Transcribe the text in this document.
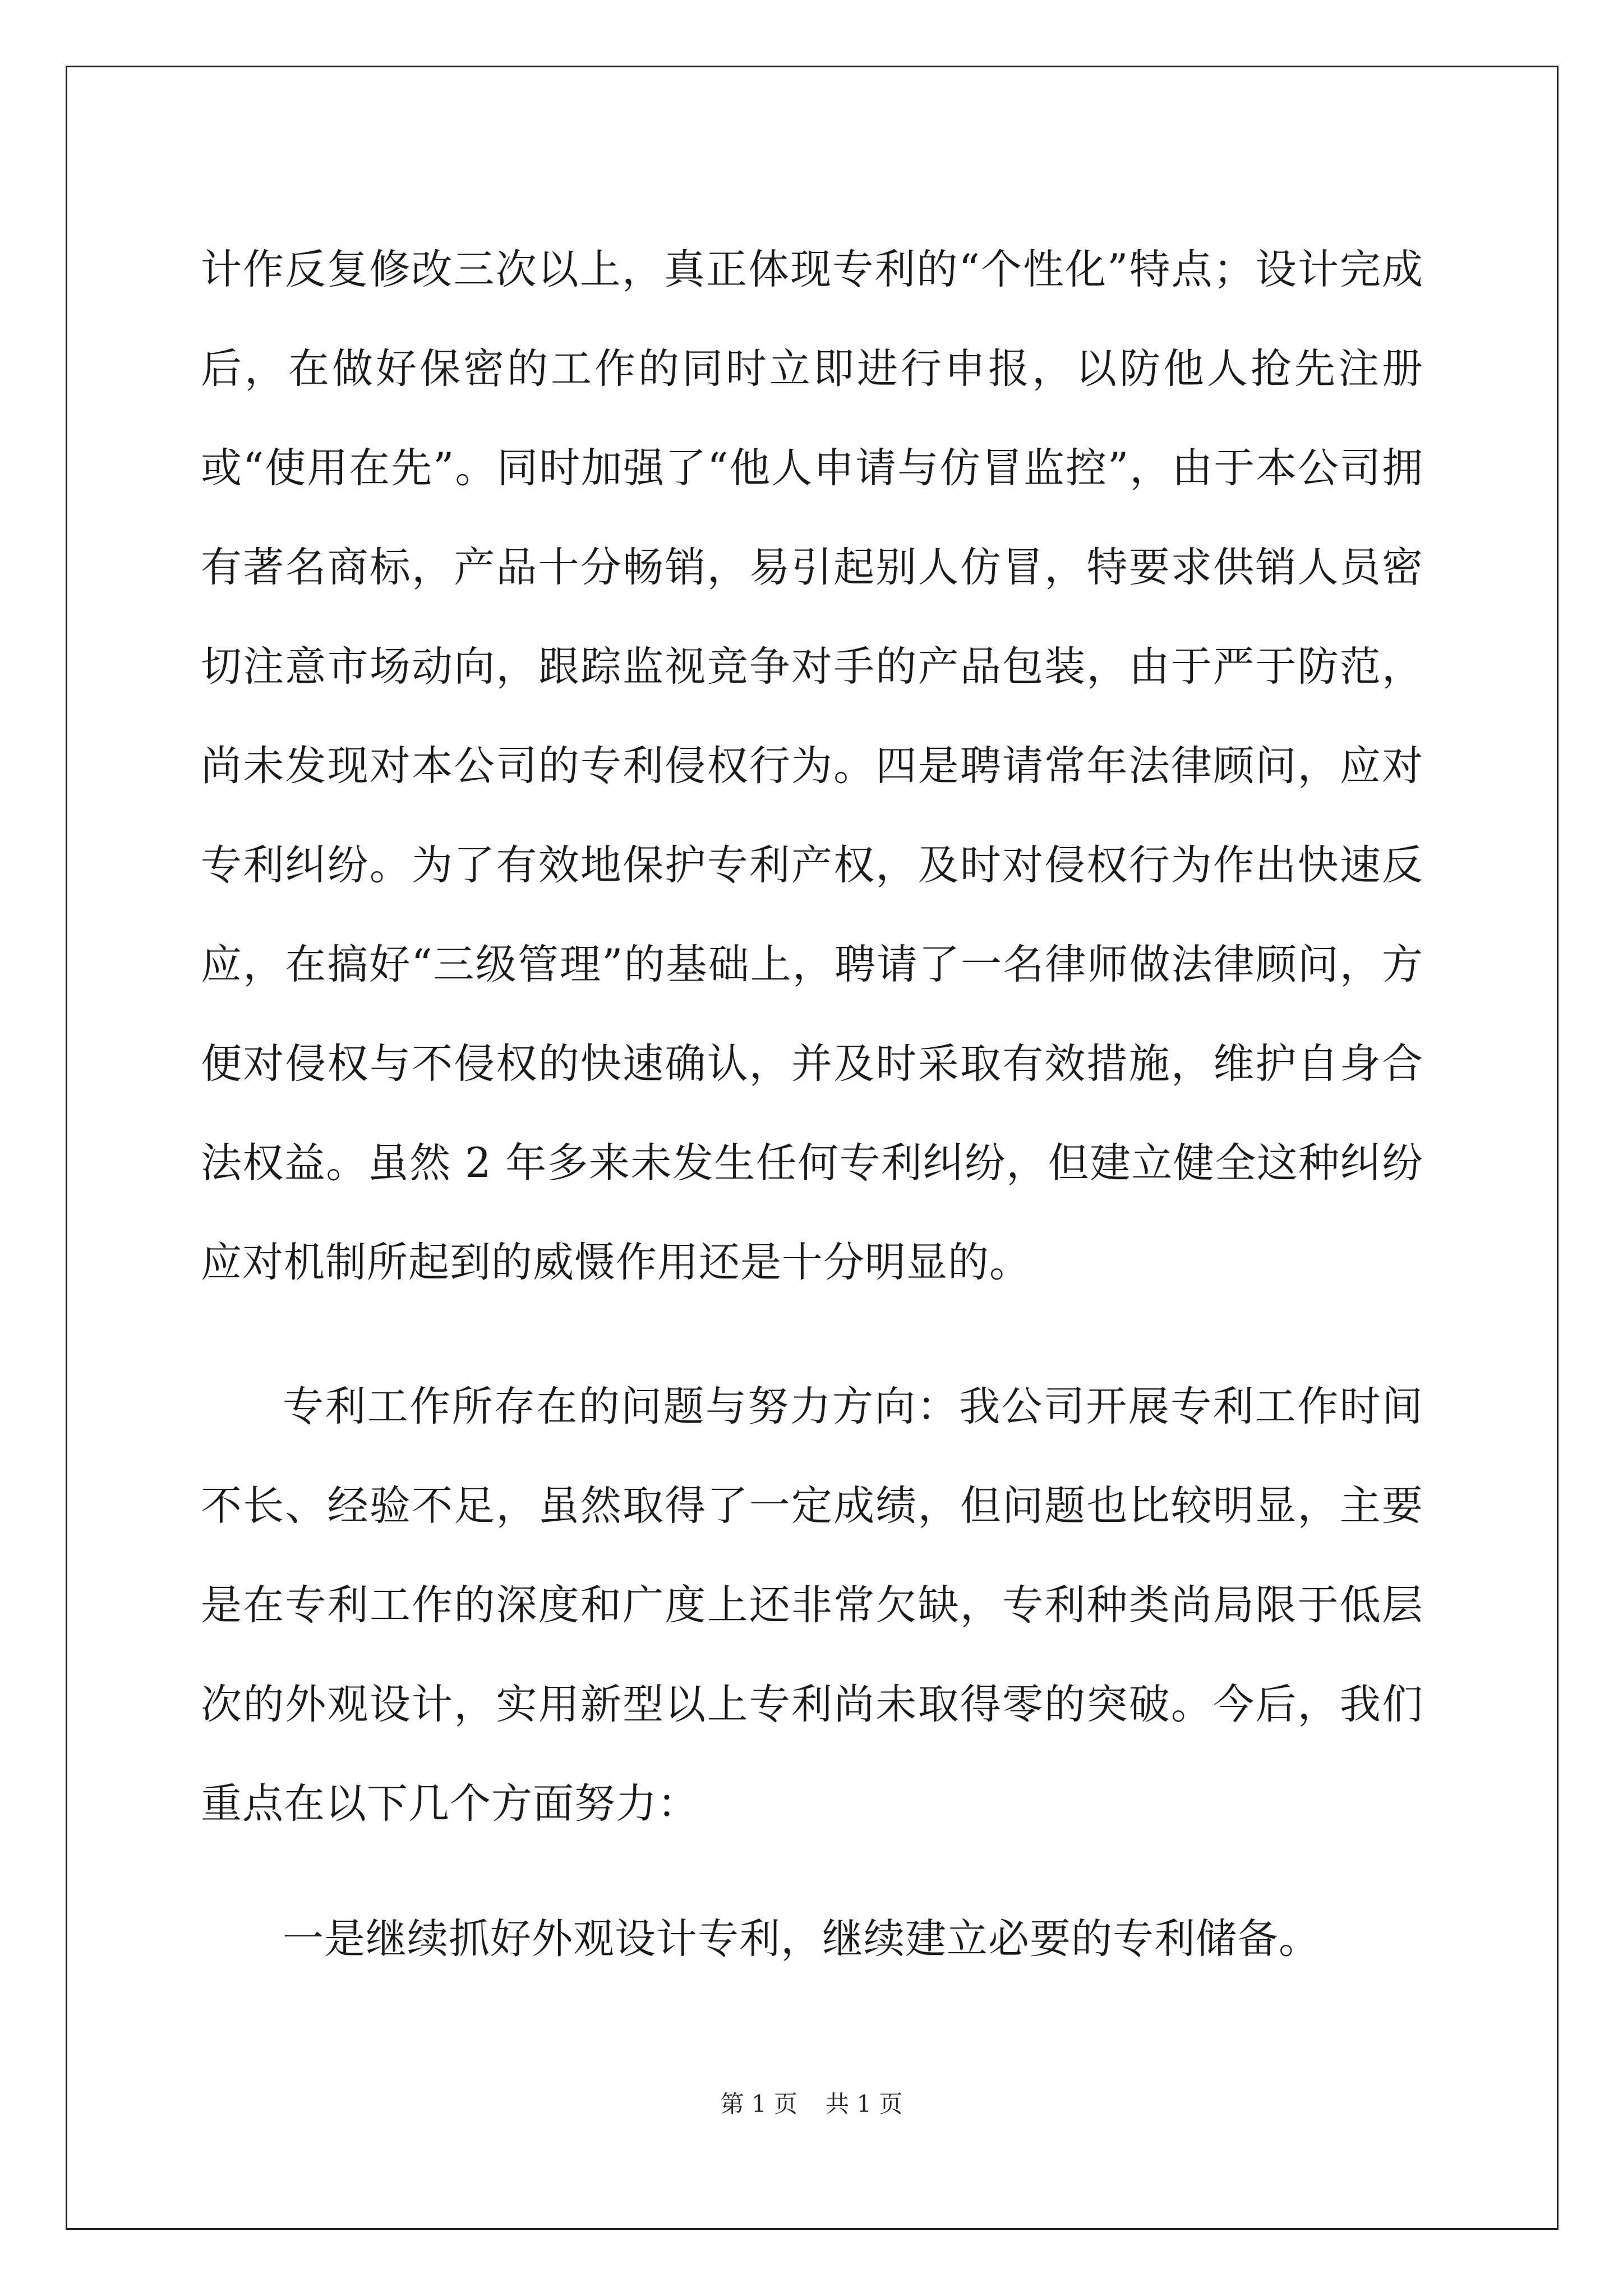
计作反复修改三次以上，真正体现专利的“个性化”特点；设计完成后，在做好保密的工作的同时立即进行申报，以防他人抢先注册或“使用在先”。同时加强了“他人申请与仿冒监控”，由于本公司拥有著名商标，产品十分畅销，易引起别人仿冒，特要求供销人员密切注意市场动向，跟踪监视竞争对手的产品包装，由于严于防范，尚未发现对本公司的专利侵权行为。四是聘请常年法律顾问，应对专利纠纷。为了有效地保护专利产权，及时对侵权行为作出快速反应，在搞好“三级管理”的基础上，聘请了一名律师做法律顾问，方便对侵权与不侵权的快速确认，并及时采取有效措施，维护自身合法权益。虽然 2 年多来未发生任何专利纠纷，但建立健全这种纠纷应对机制所起到的威慑作用还是十分明显的。

专利工作所存在的问题与努力方向：我公司开展专利工作时间不长、经验不足，虽然取得了一定成绩，但问题也比较明显，主要是在专利工作的深度和广度上还非常欠缺，专利种类尚局限于低层次的外观设计，实用新型以上专利尚未取得零的突破。今后，我们重点在以下几个方面努力：

一是继续抓好外观设计专利，继续建立必要的专利储备。

第 1 页 共 1 页
